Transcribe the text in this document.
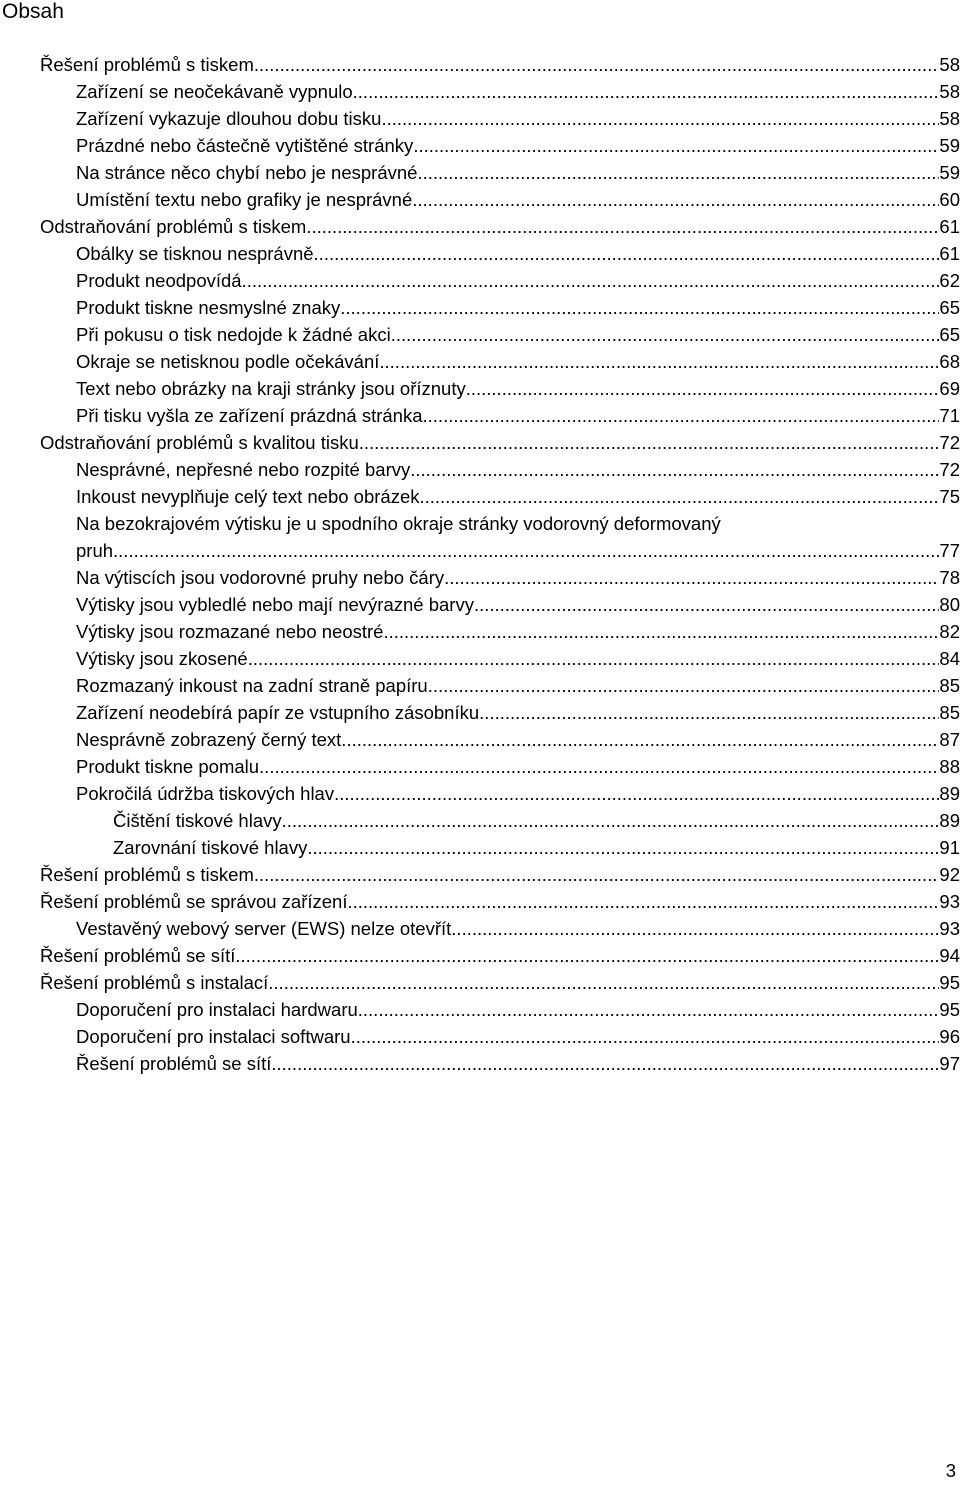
Obsah
Řešení problémů s tiskem .....	58
Zařízení se neočekávaně vypnulo .....	58
Zařízení vykazuje dlouhou dobu tisku .....	58
Prázdné nebo částečně vytištěné stránky .....	59
Na stránce něco chybí nebo je nesprávné .....	59
Umístění textu nebo grafiky je nesprávné .....	60
Odstraňování problémů s tiskem .....	61
Obálky se tisknou nesprávně .....	61
Produkt neodpovídá .....	62
Produkt tiskne nesmyslné znaky .....	65
Při pokusu o tisk nedojde k žádné akci .....	65
Okraje se netisknou podle očekávání .....	68
Text nebo obrázky na kraji stránky jsou oříznuty .....	69
Při tisku vyšla ze zařízení prázdná stránka .....	71
Odstraňování problémů s kvalitou tisku .....	72
Nesprávné, nepřesné nebo rozpité barvy .....	72
Inkoust nevyplňuje celý text nebo obrázek .....	75
Na bezokrajovém výtisku je u spodního okraje stránky vodorovný deformovaný
pruh .....	77
Na výtiscích jsou vodorovné pruhy nebo čáry .....	78
Výtisky jsou vybledlé nebo mají nevýrazné barvy .....	80
Výtisky jsou rozmazané nebo neostré .....	82
Výtisky jsou zkosené .....	84
Rozmazaný inkoust na zadní straně papíru .....	85
Zařízení neodebírá papír ze vstupního zásobníku .....	85
Nesprávně zobrazený černý text .....	87
Produkt tiskne pomalu .....	88
Pokročilá údržba tiskových hlav .....	89
Čištění tiskové hlavy .....	89
Zarovnání tiskové hlavy .....	91
Řešení problémů s tiskem .....	92
Řešení problémů se správou zařízení .....	93
Vestavěný webový server (EWS) nelze otevřít .....	93
Řešení problémů se sítí .....	94
Řešení problémů s instalací .....	95
Doporučení pro instalaci hardwaru .....	95
Doporučení pro instalaci softwaru .....	96
Řešení problémů se sítí .....	97
3
